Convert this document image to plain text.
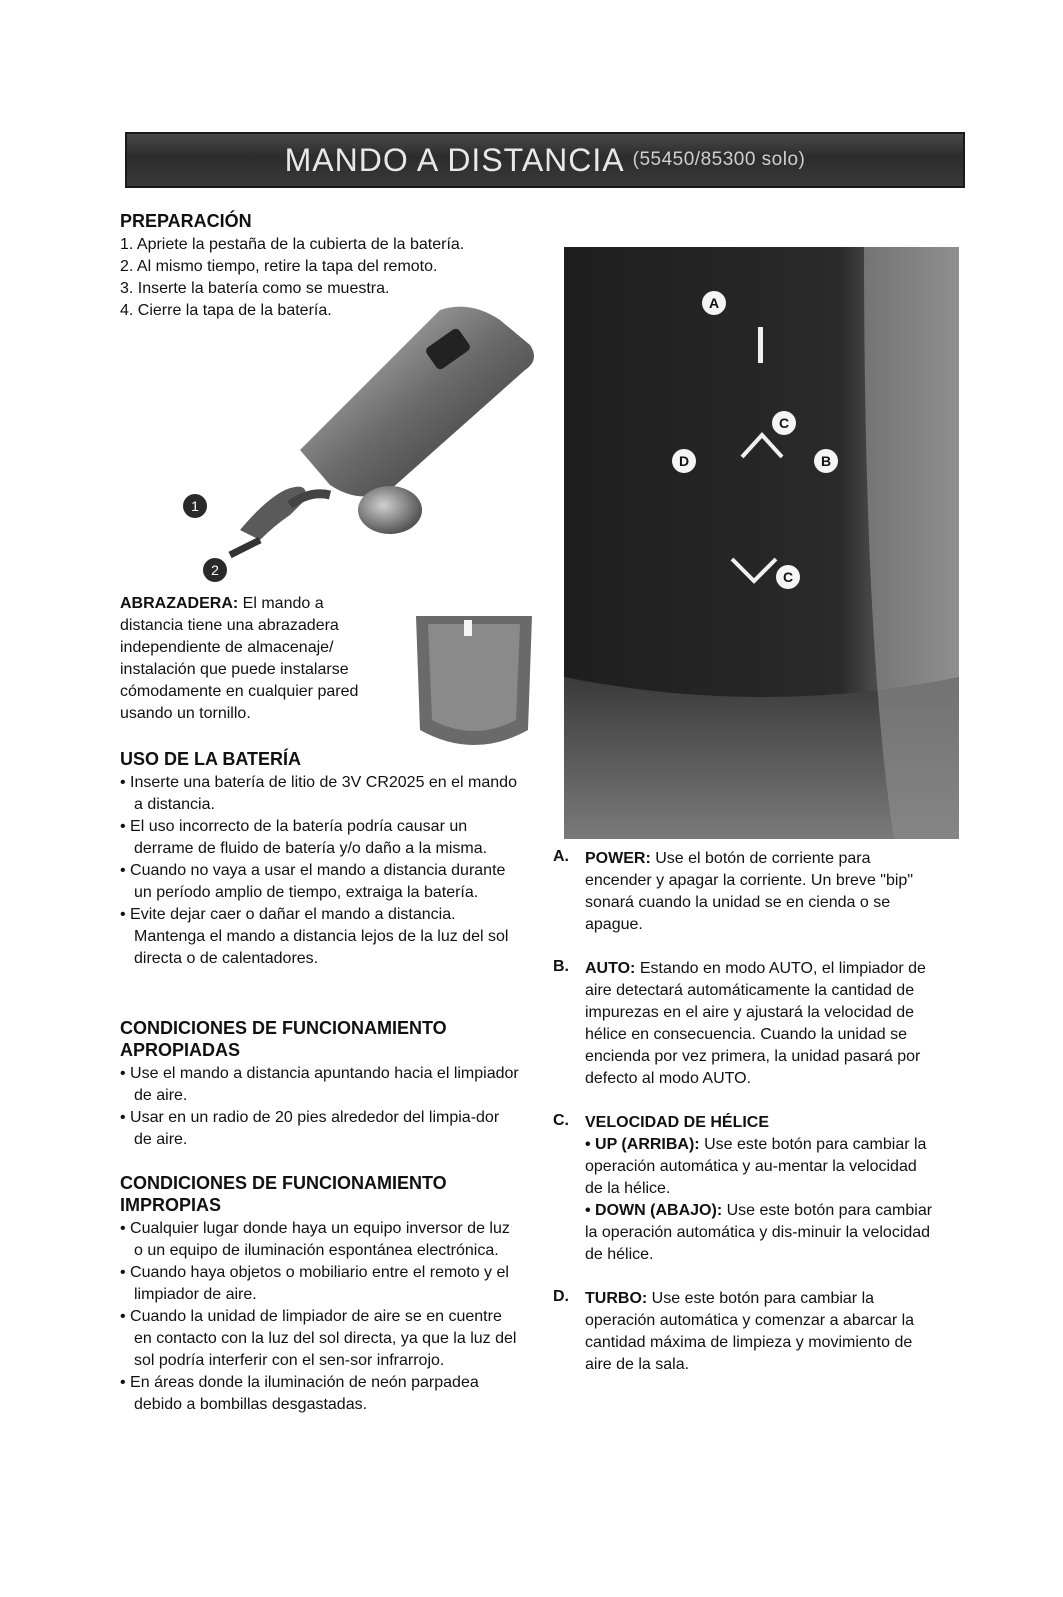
MANDO A DISTANCIA (55450/85300 solo)
PREPARACIÓN
1. Apriete la pestaña de la cubierta de la batería.
2. Al mismo tiempo, retire la tapa del remoto.
3. Inserte la batería como se muestra.
4. Cierre la tapa de la batería.
1
2

ABRAZADERA: El mando a distancia tiene una abrazadera independiente de almacenaje/ instalación que puede instalarse cómodamente en cualquier pared usando un tornillo.

USO DE LA BATERÍA
• Inserte una batería de litio de 3V CR2025 en el mando a distancia.
• El uso incorrecto de la batería podría causar un derrame de fluido de batería y/o daño a la misma.
• Cuando no vaya a usar el mando a distancia durante un período amplio de tiempo, extraiga la batería.
• Evite dejar caer o dañar el mando a distancia. Mantenga el mando a distancia lejos de la luz del sol directa o de calentadores.
CONDICIONES DE FUNCIONAMIENTO APROPIADAS
• Use el mando a distancia apuntando hacia el limpiador de aire.
• Usar en un radio de 20 pies alrededor del limpia-dor de aire.
CONDICIONES DE FUNCIONAMIENTO IMPROPIAS
• Cualquier lugar donde haya un equipo inversor de luz o un equipo de iluminación espontánea electrónica.
• Cuando haya objetos o mobiliario entre el remoto y el limpiador de aire.
• Cuando la unidad de limpiador de aire se en cuentre en contacto con la luz del sol directa, ya que la luz del sol podría interferir con el sen-sor infrarrojo.
• En áreas donde la iluminación de neón parpadea debido a bombillas desgastadas.
A
C
D	B
C
A. POWER: Use el botón de corriente para encender y apagar la corriente. Un breve "bip" sonará cuando la unidad se en cienda o se apague.

B. AUTO: Estando en modo AUTO, el limpiador de aire detectará automáticamente la cantidad de impurezas en el aire y ajustará la velocidad de hélice en consecuencia. Cuando la unidad se encienda por vez primera, la unidad pasará por defecto al modo AUTO.

C. VELOCIDAD DE HÉLICE

• UP (ARRIBA): Use este botón para cambiar la operación automática y au-mentar la velocidad de la hélice.

• DOWN (ABAJO): Use este botón para cambiar la operación automática y dis-minuir la velocidad de hélice.

D. TURBO: Use este botón para cambiar la operación automática y comenzar a abarcar la cantidad máxima de limpieza y movimiento de aire de la sala.
